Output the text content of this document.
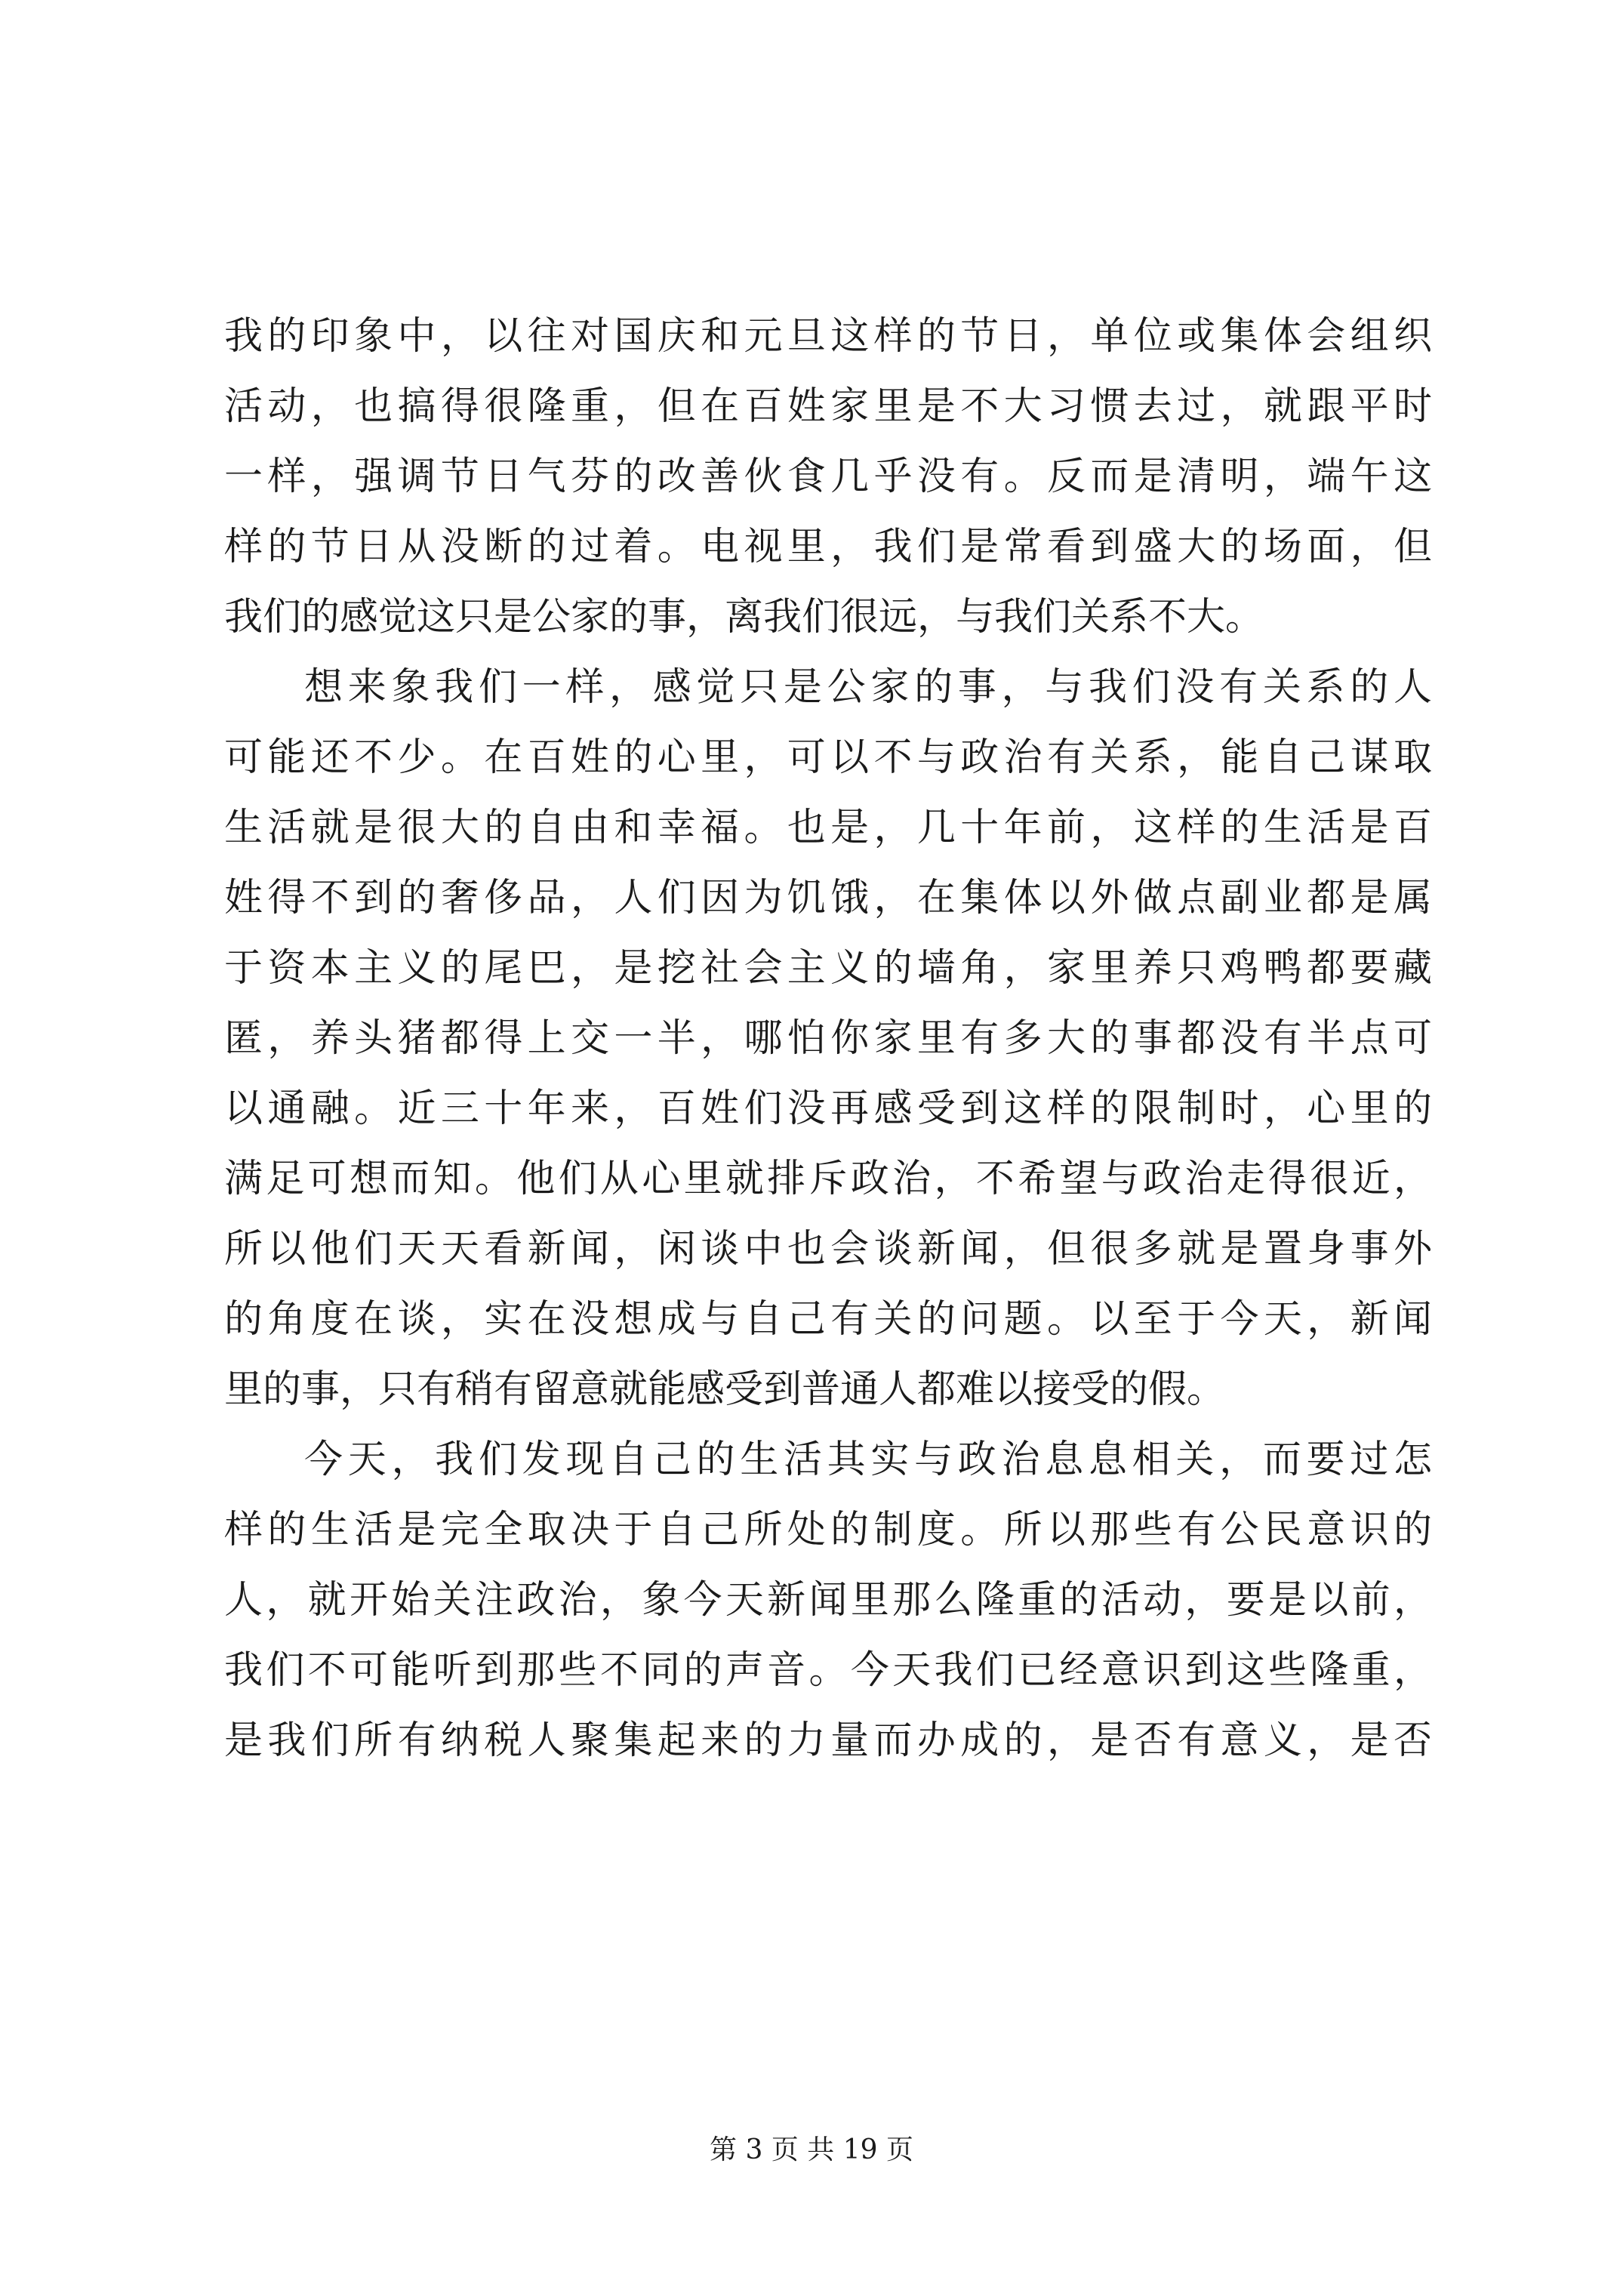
我的印象中，以往对国庆和元旦这样的节日，单位或集体会组织
活动，也搞得很隆重，但在百姓家里是不大习惯去过，就跟平时
一样，强调节日气芬的改善伙食几乎没有。反而是清明，端午这
样的节日从没断的过着。电视里，我们是常看到盛大的场面，但
我们的感觉这只是公家的事，离我们很远，与我们关系不大。
想来象我们一样，感觉只是公家的事，与我们没有关系的人
可能还不少。在百姓的心里，可以不与政治有关系，能自己谋取
生活就是很大的自由和幸福。也是，几十年前，这样的生活是百
姓得不到的奢侈品，人们因为饥饿，在集体以外做点副业都是属
于资本主义的尾巴，是挖社会主义的墙角，家里养只鸡鸭都要藏
匿，养头猪都得上交一半，哪怕你家里有多大的事都没有半点可
以通融。近三十年来，百姓们没再感受到这样的限制时，心里的
满足可想而知。他们从心里就排斥政治，不希望与政治走得很近，
所以他们天天看新闻，闲谈中也会谈新闻，但很多就是置身事外
的角度在谈，实在没想成与自己有关的问题。以至于今天，新闻
里的事，只有稍有留意就能感受到普通人都难以接受的假。
今天，我们发现自己的生活其实与政治息息相关，而要过怎
样的生活是完全取决于自己所处的制度。所以那些有公民意识的
人，就开始关注政治，象今天新闻里那么隆重的活动，要是以前，
我们不可能听到那些不同的声音。今天我们已经意识到这些隆重，
是我们所有纳税人聚集起来的力量而办成的，是否有意义，是否
第 3 页 共 19 页
